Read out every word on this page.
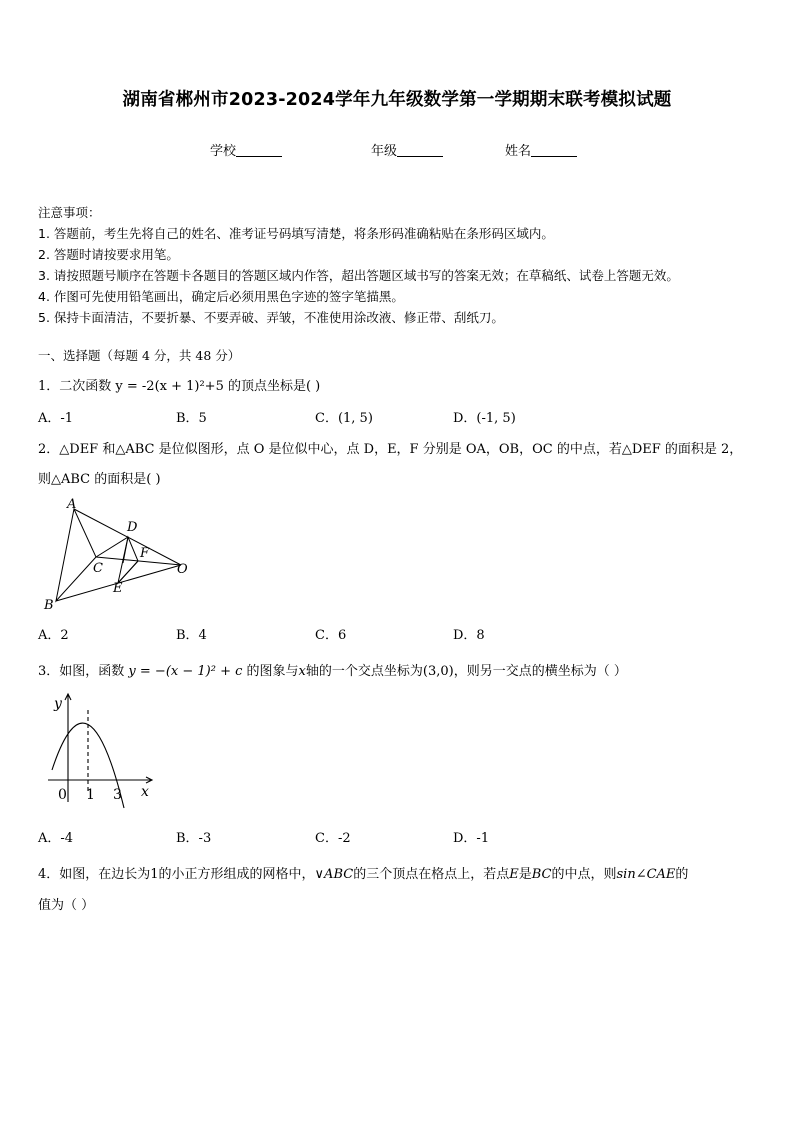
湖南省郴州市2023-2024学年九年级数学第一学期期末联考模拟试题
学校	年级	姓名
注意事项：
1. 答题前，考生先将自己的姓名、准考证号码填写清楚，将条形码准确粘贴在条形码区域内。
2. 答题时请按要求用笔。
3. 请按照题号顺序在答题卡各题目的答题区域内作答，超出答题区域书写的答案无效；在草稿纸、试卷上答题无效。
4. 作图可先使用铅笔画出，确定后必须用黑色字迹的签字笔描黑。
5. 保持卡面清洁，不要折暴、不要弄破、弄皱，不准使用涂改液、修正带、刮纸刀。
一、选择题（每题 4 分，共 48 分）
1．二次函数 y = -2(x + 1)²+5 的顶点坐标是( )
A．-1	B．5	C．(1, 5)	D．(-1, 5)
2．△DEF 和△ABC 是位似图形，点 O 是位似中心，点 D，E，F 分别是 OA，OB，OC 的中点，若△DEF 的面积是 2，
则△ABC 的面积是( )
A
D
F
C	O
E
B
A．2	B．4	C．6	D．8
3．如图，函数 y = −(x − 1)² + c 的图象与x轴的一个交点坐标为(3,0)，则另一交点的横坐标为（ ）
y
0 1 3 x
A．-4	B．-3	C．-2	D．-1
4．如图，在边长为1的小正方形组成的网格中，∨ABC的三个顶点在格点上，若点E是BC的中点，则sin∠CAE的
值为（ ）
